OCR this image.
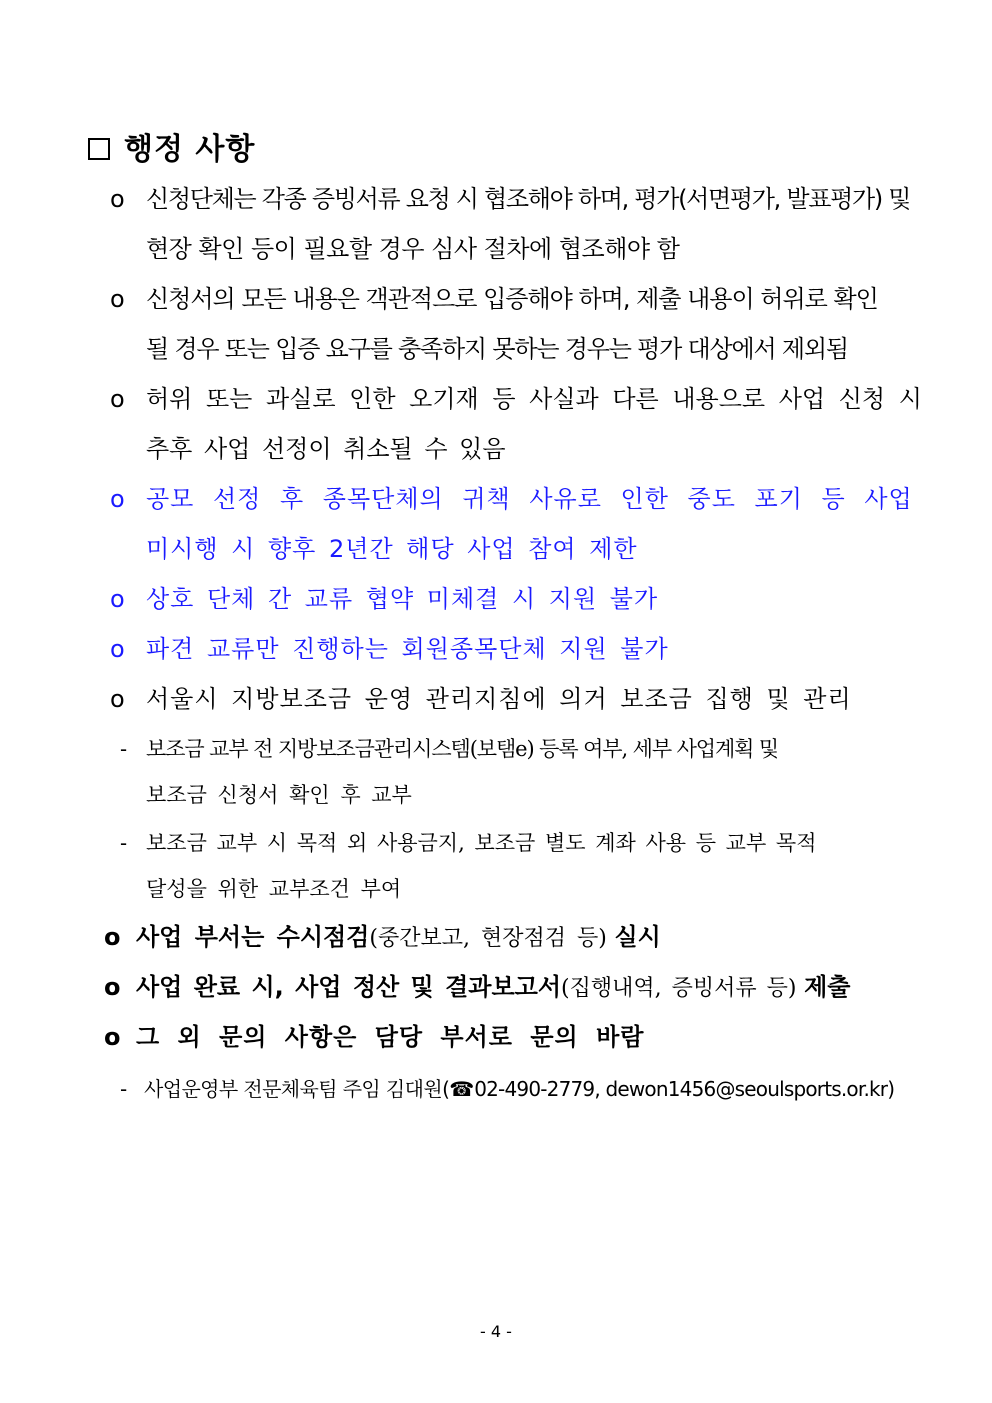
행정 사항
o 신청단체는 각종 증빙서류 요청 시 협조해야 하며, 평가(서면평가, 발표평가) 및
현장 확인 등이 필요할 경우 심사 절차에 협조해야 함
o 신청서의 모든 내용은 객관적으로 입증해야 하며, 제출 내용이 허위로 확인
될 경우 또는 입증 요구를 충족하지 못하는 경우는 평가 대상에서 제외됨
o 허위 또는 과실로 인한 오기재 등 사실과 다른 내용으로 사업 신청 시
추후 사업 선정이 취소될 수 있음
o 공모 선정 후 종목단체의 귀책 사유로 인한 중도 포기 등 사업
미시행 시 향후 2년간 해당 사업 참여 제한
o 상호 단체 간 교류 협약 미체결 시 지원 불가
o 파견 교류만 진행하는 회원종목단체 지원 불가
o 서울시 지방보조금 운영 관리지침에 의거 보조금 집행 및 관리
- 보조금 교부 전 지방보조금관리시스템(보탬e) 등록 여부, 세부 사업계획 및
보조금 신청서 확인 후 교부
- 보조금 교부 시 목적 외 사용금지, 보조금 별도 계좌 사용 등 교부 목적
달성을 위한 교부조건 부여
o 사업 부서는 수시점검(중간보고, 현장점검 등) 실시
o 사업 완료 시, 사업 정산 및 결과보고서(집행내역, 증빙서류 등) 제출
o 그 외 문의 사항은 담당 부서로 문의 바람
- 사업운영부 전문체육팀 주임 김대원(☎02-490-2779, dewon1456@seoulsports.or.kr)
- 4 -
